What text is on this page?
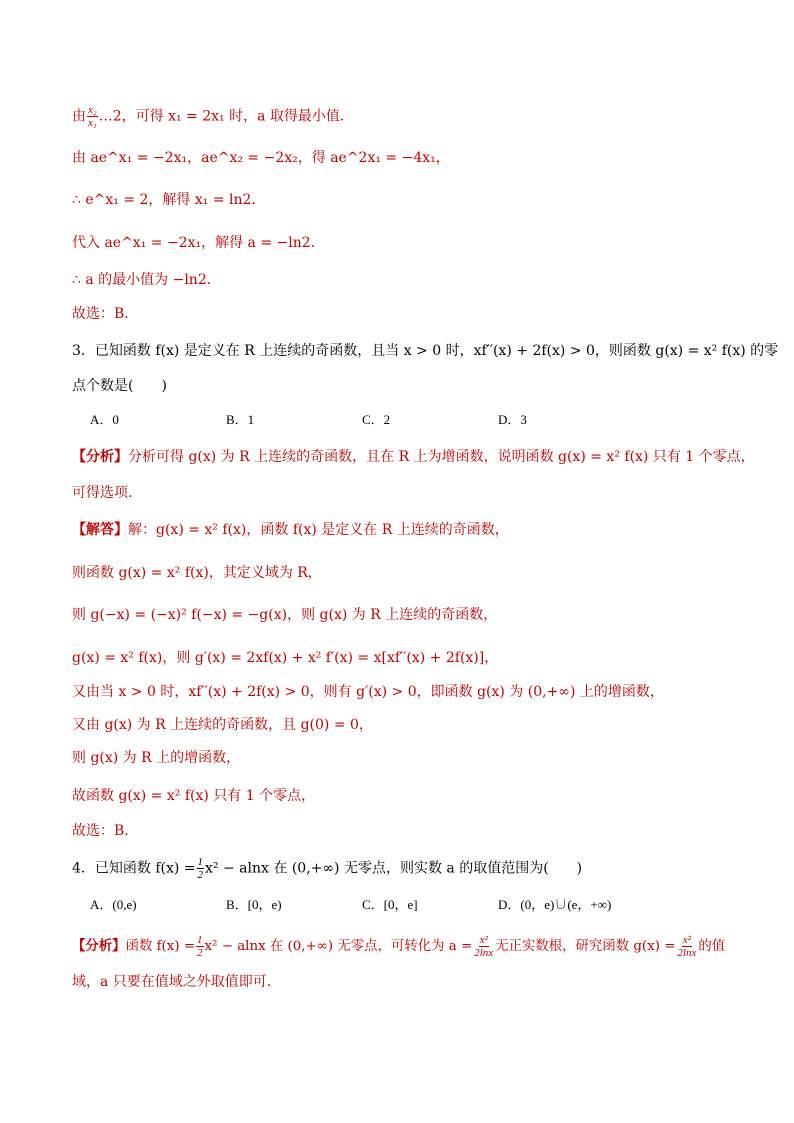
由 $\frac{\text{x₂}}{\text{x₁}}$ …2，可得 x₁ = 2x₁ 时，a 取得最小值．
由 ae^x₁ = −2x₁，ae^x₂ = −2x₂，得 ae^2x₁ = −4x₁，
∴ e^x₁ = 2，解得 x₁ = ln2．
代入 ae^x₁ = −2x₁，解得 a = −ln2．
∴ a 的最小值为 −ln2．
故选：B．
3．已知函数 f(x) 是定义在 R 上连续的奇函数，且当 x > 0 时，xf′′(x) + 2f(x) > 0，则函数 g(x) = x² f(x) 的零
点个数是(　　)
A．0	B．1	C．2	D．3
【分析】分析可得 g(x) 为 R 上连续的奇函数，且在 R 上为增函数，说明函数 g(x) = x² f(x) 只有 1 个零点，
可得选项．
【解答】解：g(x) = x² f(x)，函数 f(x) 是定义在 R 上连续的奇函数，
则函数 g(x) = x² f(x)，其定义域为 R，
则 g(−x) = (−x)² f(−x) = −g(x)，则 g(x) 为 R 上连续的奇函数，
g(x) = x² f(x)，则 g′(x) = 2xf(x) + x² f′(x) = x[xf′′(x) + 2f(x)]，
又由当 x > 0 时，xf′′(x) + 2f(x) > 0，则有 g′(x) > 0，即函数 g(x) 为 (0,+∞) 上的增函数，
又由 g(x) 为 R 上连续的奇函数，且 g(0) = 0，
则 g(x) 为 R 上的增函数，
故函数 g(x) = x² f(x) 只有 1 个零点，
故选：B．
4．已知函数 $f(x) = \frac{1}{2} x^2 - alnx$ 在 (0,+∞) 无零点，则实数 a 的取值范围为(　　)
A．(0,e)	B．[0，e)	C．[0，e]	D．(0，e)∪(e，+∞)
【分析】函数 $f(x) = \frac{1}{2} x^2 - alnx$ 在 (0,+∞) 无零点，可转化为 $a = \frac{\text{x²}}{2\ln x}$ 无正实数根，研究函数 $g(x) = \frac{\text{x²}}{2\ln x}$ 的值
域，a 只要在值域之外取值即可．
